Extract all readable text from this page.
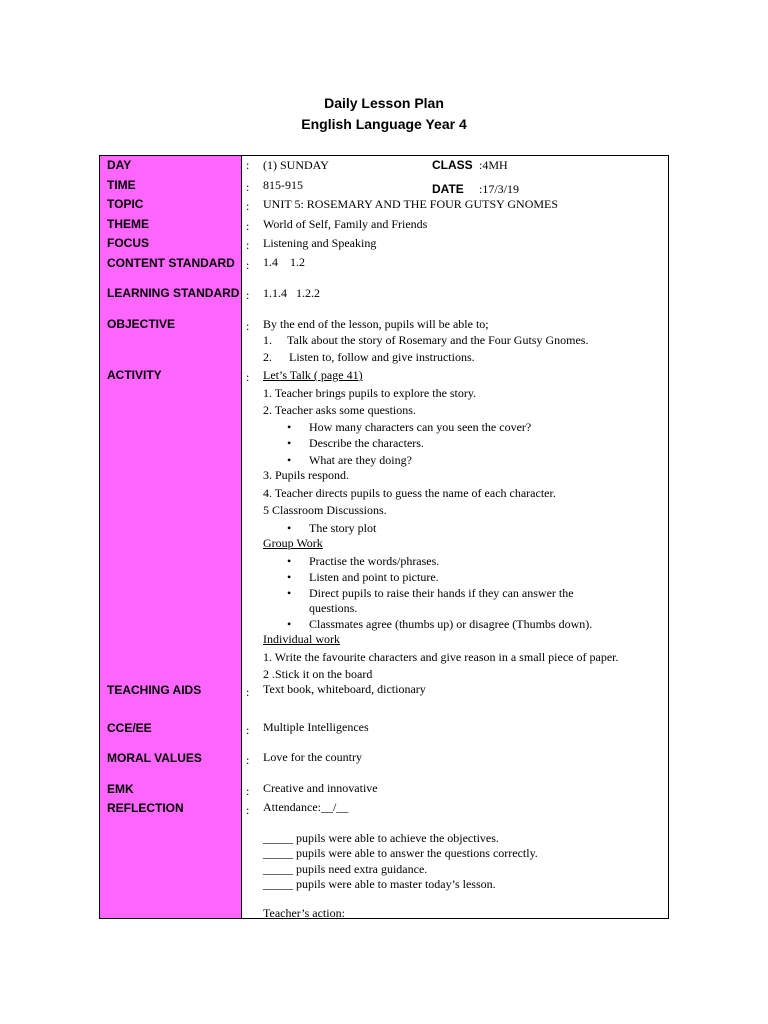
Daily Lesson Plan
English Language Year 4
DAY
TIME
TOPIC
THEME
FOCUS
CONTENT STANDARD
LEARNING STANDARD
OBJECTIVE
ACTIVITY
TEACHING AIDS
CCE/EE
MORAL VALUES
EMK
REFLECTION
:
:
:
:
:
:
:
:
:
:
:
:
:
:
(1) SUNDAY	CLASS :4MH
815-915	DATE :17/3/19
UNIT 5: ROSEMARY AND THE FOUR GUTSY GNOMES
World of Self, Family and Friends
Listening and Speaking
1.4    1.2
1.1.4   1.2.2
By the end of the lesson, pupils will be able to;
1. Talk about the story of Rosemary and the Four Gutsy Gnomes.
2. Listen to, follow and give instructions.
Let’s Talk ( page 41)
1. Teacher brings pupils to explore the story.
2. Teacher asks some questions.
• How many characters can you seen the cover?
• Describe the characters.
• What are they doing?
3. Pupils respond.
4. Teacher directs pupils to guess the name of each character.
5 Classroom Discussions.
• The story plot
Group Work
• Practise the words/phrases.
• Listen and point to picture.
• Direct pupils to raise their hands if they can answer the
questions.
• Classmates agree (thumbs up) or disagree (Thumbs down).
Individual work
1. Write the favourite characters and give reason in a small piece of paper.
2 .Stick it on the board
Text book, whiteboard, dictionary
Multiple Intelligences
Love for the country
Creative and innovative
Attendance:__/__
_____ pupils were able to achieve the objectives.
_____ pupils were able to answer the questions correctly.
_____ pupils need extra guidance.
_____ pupils were able to master today’s lesson.
Teacher’s action:
